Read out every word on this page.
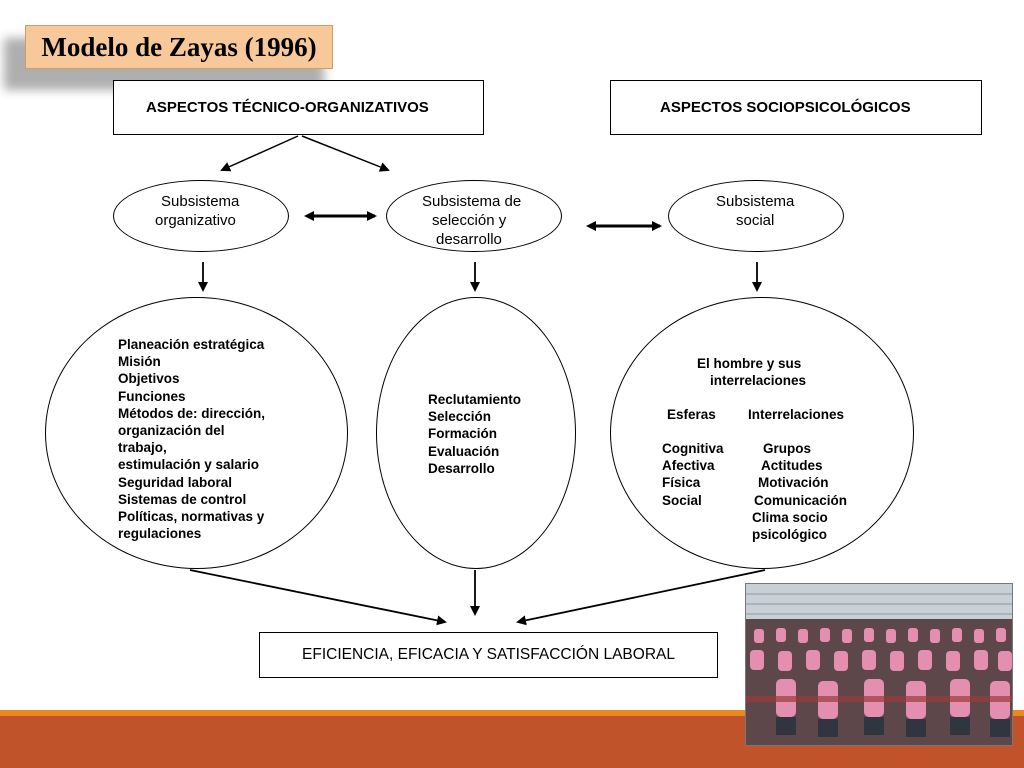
Modelo de Zayas (1996)
ASPECTOS TÉCNICO-ORGANIZATIVOS	ASPECTOS SOCIOPSICOLÓGICOS
Subsistema
organizativo
Subsistema de
selección y
desarrollo
Subsistema
social
Planeación estratégica
Misión
Objetivos
Funciones
Métodos de: dirección,
organización del
trabajo,
estimulación y salario
Seguridad laboral
Sistemas de control
Políticas, normativas y
regulaciones
Reclutamiento
Selección
Formación
Evaluación
Desarrollo
El hombre y sus
interrelaciones
Esferas Interrelaciones
Cognitiva
Afectiva
Física
Social
Grupos
Actitudes
Motivación
Comunicación
Clima socio
psicológico
EFICIENCIA, EFICACIA Y SATISFACCIÓN LABORAL
